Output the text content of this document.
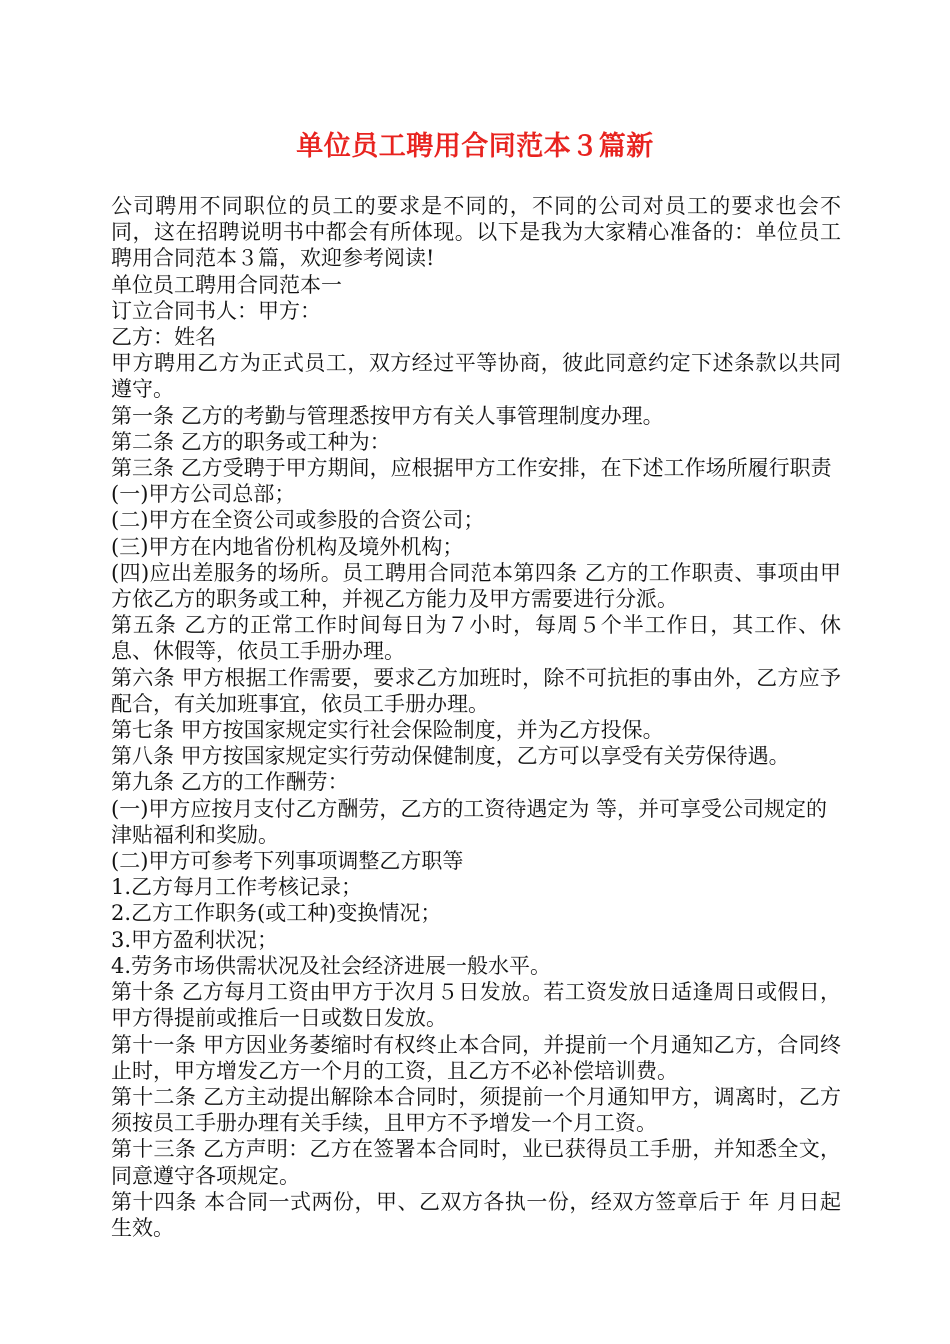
单位员工聘用合同范本３篇新

公司聘用不同职位的员工的要求是不同的，不同的公司对员工的要求也会不同，这在招聘说明书中都会有所体现。以下是我为大家精心准备的：单位员工聘用合同范本３篇，欢迎参考阅读!

单位员工聘用合同范本一

订立合同书人：甲方：

乙方：姓名

甲方聘用乙方为正式员工，双方经过平等协商，彼此同意约定下述条款以共同遵守。

第一条 乙方的考勤与管理悉按甲方有关人事管理制度办理。

第二条 乙方的职务或工种为：

第三条 乙方受聘于甲方期间，应根据甲方工作安排，在下述工作场所履行职责

(一)甲方公司总部；

(二)甲方在全资公司或参股的合资公司；

(三)甲方在内地省份机构及境外机构；

(四)应出差服务的场所。员工聘用合同范本第四条 乙方的工作职责、事项由甲方依乙方的职务或工种，并视乙方能力及甲方需要进行分派。

第五条 乙方的正常工作时间每日为７小时，每周５个半工作日，其工作、休息、休假等，依员工手册办理。

第六条 甲方根据工作需要，要求乙方加班时，除不可抗拒的事由外，乙方应予配合，有关加班事宜，依员工手册办理。

第七条 甲方按国家规定实行社会保险制度，并为乙方投保。

第八条 甲方按国家规定实行劳动保健制度，乙方可以享受有关劳保待遇。

第九条 乙方的工作酬劳：

(一)甲方应按月支付乙方酬劳，乙方的工资待遇定为 等，并可享受公司规定的

津贴福利和奖励。

(二)甲方可参考下列事项调整乙方职等

1.乙方每月工作考核记录；

2.乙方工作职务(或工种)变换情况；

3.甲方盈利状况；

4.劳务市场供需状况及社会经济进展一般水平。

第十条 乙方每月工资由甲方于次月５日发放。若工资发放日适逢周日或假日，甲方得提前或推后一日或数日发放。

第十一条 甲方因业务萎缩时有权终止本合同，并提前一个月通知乙方，合同终止时，甲方增发乙方一个月的工资，且乙方不必补偿培训费。

第十二条 乙方主动提出解除本合同时，须提前一个月通知甲方，调离时，乙方须按员工手册办理有关手续，且甲方不予增发一个月工资。

第十三条 乙方声明：乙方在签署本合同时，业已获得员工手册，并知悉全文，同意遵守各项规定。

第十四条 本合同一式两份，甲、乙双方各执一份，经双方签章后于 年 月日起生效。
